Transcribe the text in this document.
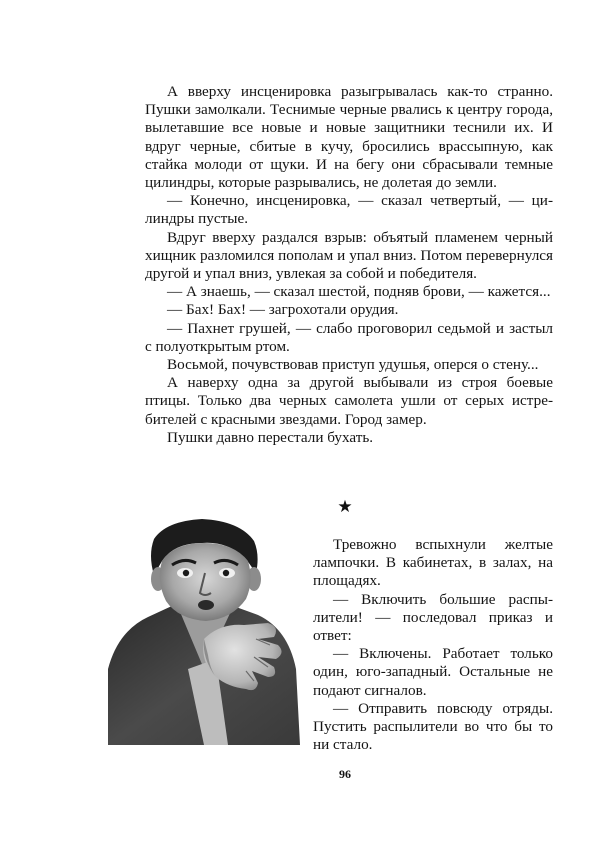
А вверху инсценировка разыгрывалась как-то странно. Пушки замолкали. Теснимые черные рвались к центру города, вылетавшие все новые и новые защитники теснили их. И вдруг черные, сбитые в кучу, бросились врассыпную, как стайка молоди от щуки. И на бегу они сбрасывали темные цилиндры, которые разрывались, не долетая до земли.

— Конечно, инсценировка, — сказал четвертый, — цилиндры пустые.

Вдруг вверху раздался взрыв: объятый пламенем черный хищник разломился пополам и упал вниз. Потом перевернулся другой и упал вниз, увлекая за собой и победителя.

— А знаешь, — сказал шестой, подняв брови, — кажется...

— Бах! Бах! — загрохотали орудия.

— Пахнет грушей, — слабо проговорил седьмой и застыл с полуоткрытым ртом.

Восьмой, почувствовав приступ удушья, оперся о стену...

А наверху одна за другой выбывали из строя боевые птицы. Только два черных самолета ушли от серых истребителей с красными звездами. Город замер.

Пушки давно перестали бухать.

★

Тревожно вспыхнули желтые лампочки. В кабинетах, в залах, на площадях.

— Включить большие распылители! — последовал приказ и ответ:

— Включены. Работает только один, юго-западный. Остальные не подают сигналов.

— Отправить повсюду отряды. Пустить распылители во что бы то ни стало.

96
